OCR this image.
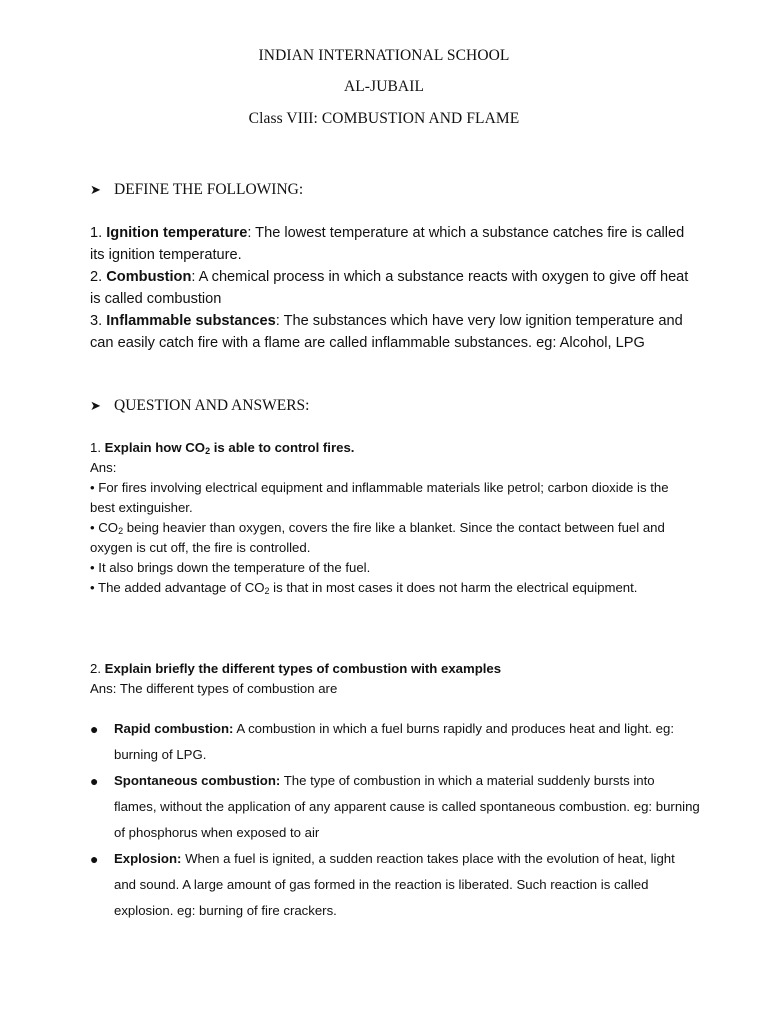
INDIAN INTERNATIONAL SCHOOL
AL-JUBAIL
Class VIII: COMBUSTION AND FLAME
➤ DEFINE THE FOLLOWING:

1. Ignition temperature: The lowest temperature at which a substance catches fire is called its ignition temperature.

2. Combustion: A chemical process in which a substance reacts with oxygen to give off heat is called combustion

3. Inflammable substances: The substances which have very low ignition temperature and can easily catch fire with a flame are called inflammable substances. eg: Alcohol, LPG

➤ QUESTION AND ANSWERS:

1. Explain how $CO_2$ is able to control fires.

Ans:

• For fires involving electrical equipment and inflammable materials like petrol; carbon dioxide is the best extinguisher.

• $CO_2$ being heavier than oxygen, covers the fire like a blanket. Since the contact between fuel and oxygen is cut off, the fire is controlled.

• It also brings down the temperature of the fuel.

• The added advantage of $CO_2$ is that in most cases it does not harm the electrical equipment.

2. Explain briefly the different types of combustion with examples

Ans: The different types of combustion are

● Rapid combustion: A combustion in which a fuel burns rapidly and produces heat and light. eg: burning of LPG.
● Spontaneous combustion: The type of combustion in which a material suddenly bursts into flames, without the application of any apparent cause is called spontaneous combustion. eg: burning of phosphorus when exposed to air
● Explosion: When a fuel is ignited, a sudden reaction takes place with the evolution of heat, light and sound. A large amount of gas formed in the reaction is liberated. Such reaction is called explosion. eg: burning of fire crackers.
